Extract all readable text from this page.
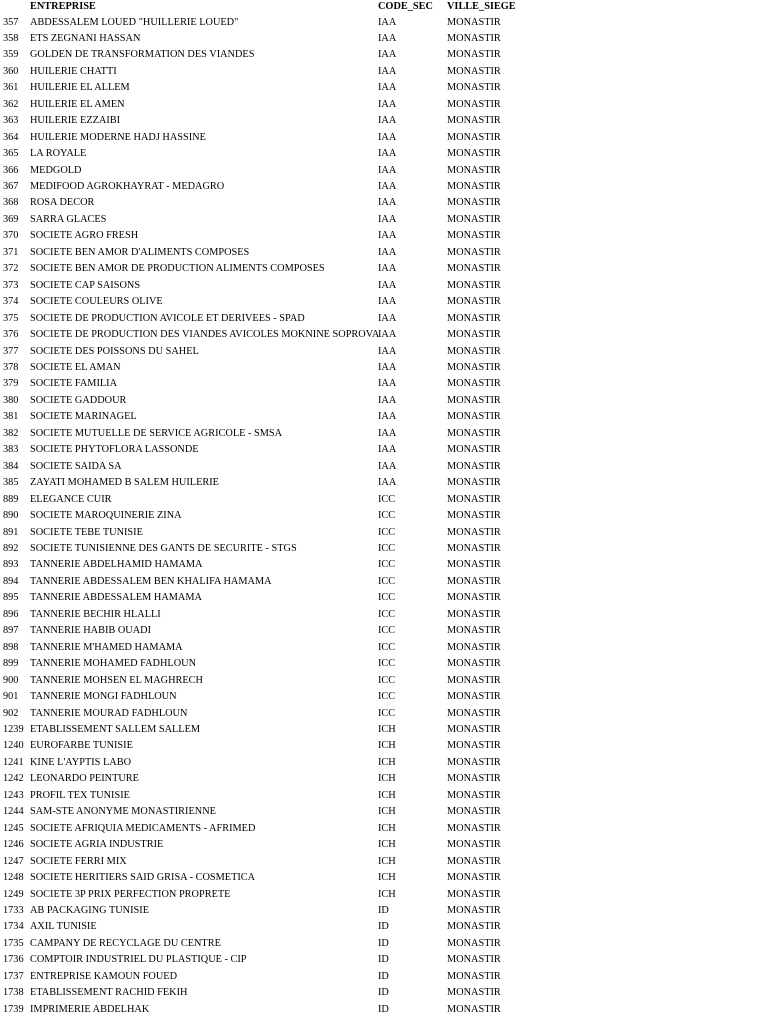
	ENTREPRISE	CODE_SEC	VILLE_SIEGE
357	ABDESSALEM LOUED "HUILLERIE LOUED"	IAA	MONASTIR
358	ETS ZEGNANI HASSAN	IAA	MONASTIR
359	GOLDEN DE TRANSFORMATION DES VIANDES	IAA	MONASTIR
360	HUILERIE CHATTI	IAA	MONASTIR
361	HUILERIE EL ALLEM	IAA	MONASTIR
362	HUILERIE EL AMEN	IAA	MONASTIR
363	HUILERIE EZZAIBI	IAA	MONASTIR
364	HUILERIE MODERNE HADJ HASSINE	IAA	MONASTIR
365	LA ROYALE	IAA	MONASTIR
366	MEDGOLD	IAA	MONASTIR
367	MEDIFOOD AGROKHAYRAT - MEDAGRO	IAA	MONASTIR
368	ROSA DECOR	IAA	MONASTIR
369	SARRA GLACES	IAA	MONASTIR
370	SOCIETE AGRO FRESH	IAA	MONASTIR
371	SOCIETE BEN AMOR D'ALIMENTS COMPOSES	IAA	MONASTIR
372	SOCIETE BEN AMOR DE PRODUCTION ALIMENTS COMPOSES	IAA	MONASTIR
373	SOCIETE CAP SAISONS	IAA	MONASTIR
374	SOCIETE COULEURS OLIVE	IAA	MONASTIR
375	SOCIETE DE PRODUCTION AVICOLE ET DERIVEES - SPAD	IAA	MONASTIR
376	SOCIETE DE PRODUCTION DES VIANDES AVICOLES MOKNINE SOPROVA	IAA	MONASTIR
377	SOCIETE DES POISSONS DU SAHEL	IAA	MONASTIR
378	SOCIETE EL AMAN	IAA	MONASTIR
379	SOCIETE FAMILIA	IAA	MONASTIR
380	SOCIETE GADDOUR	IAA	MONASTIR
381	SOCIETE MARINAGEL	IAA	MONASTIR
382	SOCIETE MUTUELLE DE SERVICE AGRICOLE - SMSA	IAA	MONASTIR
383	SOCIETE PHYTOFLORA LASSONDE	IAA	MONASTIR
384	SOCIETE SAIDA SA	IAA	MONASTIR
385	ZAYATI MOHAMED B SALEM HUILERIE	IAA	MONASTIR
889	ELEGANCE CUIR	ICC	MONASTIR
890	SOCIETE MAROQUINERIE ZINA	ICC	MONASTIR
891	SOCIETE TEBE TUNISIE	ICC	MONASTIR
892	SOCIETE TUNISIENNE DES GANTS DE SECURITE - STGS	ICC	MONASTIR
893	TANNERIE ABDELHAMID HAMAMA	ICC	MONASTIR
894	TANNERIE ABDESSALEM BEN KHALIFA HAMAMA	ICC	MONASTIR
895	TANNERIE ABDESSALEM HAMAMA	ICC	MONASTIR
896	TANNERIE BECHIR HLALLI	ICC	MONASTIR
897	TANNERIE HABIB OUADI	ICC	MONASTIR
898	TANNERIE M'HAMED HAMAMA	ICC	MONASTIR
899	TANNERIE MOHAMED FADHLOUN	ICC	MONASTIR
900	TANNERIE MOHSEN EL MAGHRECH	ICC	MONASTIR
901	TANNERIE MONGI FADHLOUN	ICC	MONASTIR
902	TANNERIE MOURAD FADHLOUN	ICC	MONASTIR
1239	ETABLISSEMENT SALLEM SALLEM	ICH	MONASTIR
1240	EUROFARBE TUNISIE	ICH	MONASTIR
1241	KINE L'AYPTIS LABO	ICH	MONASTIR
1242	LEONARDO PEINTURE	ICH	MONASTIR
1243	PROFIL TEX TUNISIE	ICH	MONASTIR
1244	SAM-STE ANONYME MONASTIRIENNE	ICH	MONASTIR
1245	SOCIETE AFRIQUIA MEDICAMENTS - AFRIMED	ICH	MONASTIR
1246	SOCIETE AGRIA INDUSTRIE	ICH	MONASTIR
1247	SOCIETE FERRI MIX	ICH	MONASTIR
1248	SOCIETE HERITIERS SAID GRISA - COSMETICA	ICH	MONASTIR
1249	SOCIETE 3P PRIX PERFECTION PROPRETE	ICH	MONASTIR
1733	AB PACKAGING TUNISIE	ID	MONASTIR
1734	AXIL TUNISIE	ID	MONASTIR
1735	CAMPANY DE RECYCLAGE DU CENTRE	ID	MONASTIR
1736	COMPTOIR INDUSTRIEL DU PLASTIQUE - CIP	ID	MONASTIR
1737	ENTREPRISE KAMOUN FOUED	ID	MONASTIR
1738	ETABLISSEMENT RACHID FEKIH	ID	MONASTIR
1739	IMPRIMERIE ABDELHAK	ID	MONASTIR
